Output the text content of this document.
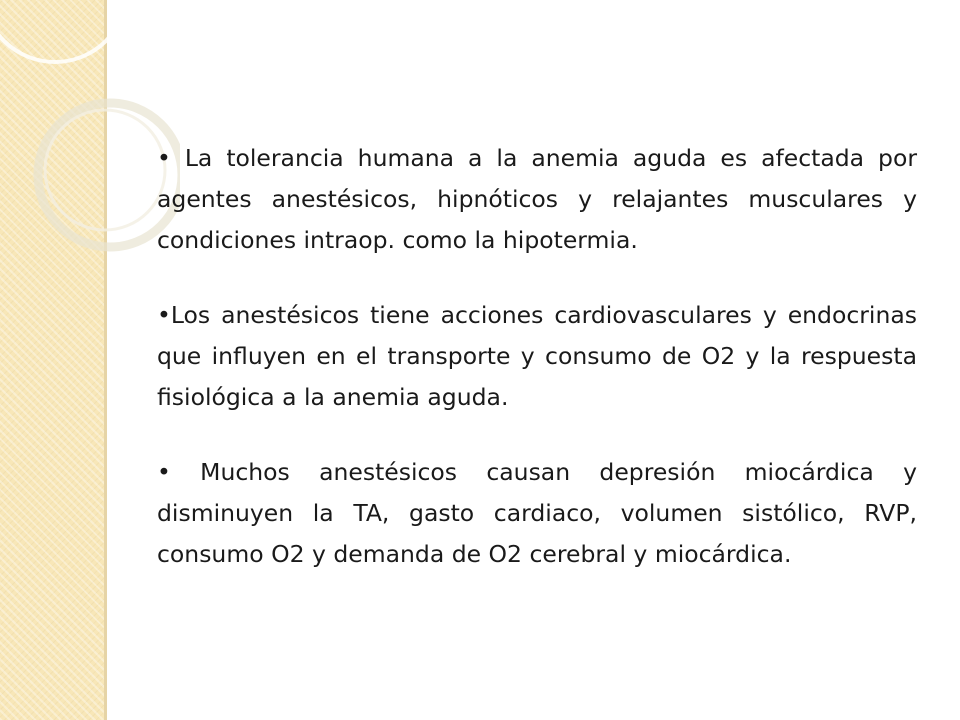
• La tolerancia humana a la anemia aguda es afectada por agentes anestésicos, hipnóticos y relajantes musculares y condiciones intraop. como la hipotermia.

•Los anestésicos tiene acciones cardiovasculares y endocrinas que influyen en el transporte y consumo de O2 y la respuesta fisiológica a la anemia aguda.

• Muchos anestésicos causan depresión miocárdica y disminuyen la TA, gasto cardiaco, volumen sistólico, RVP, consumo O2 y demanda de O2 cerebral y miocárdica.
